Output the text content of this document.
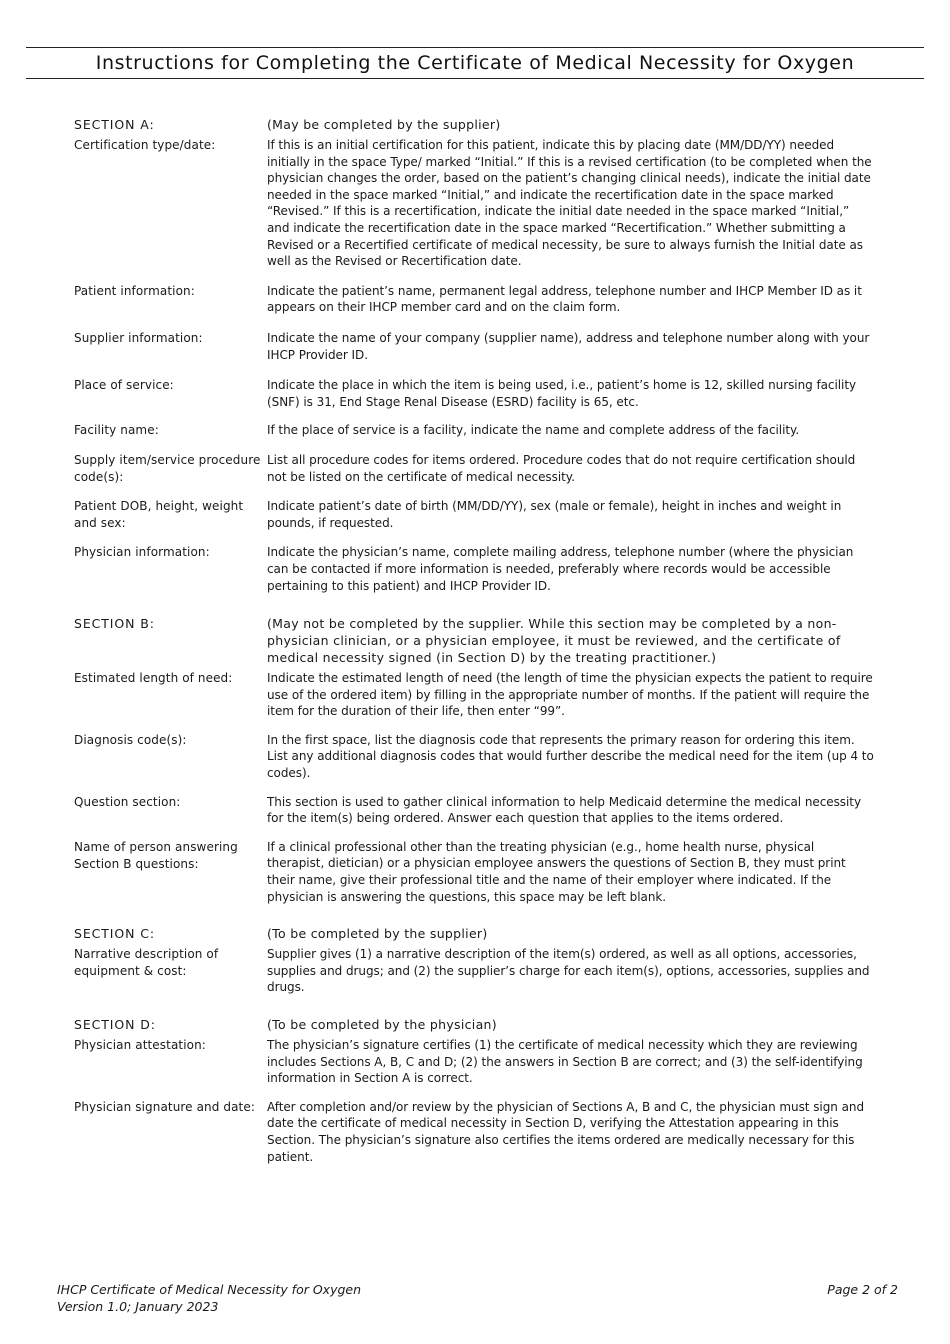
Instructions for Completing the Certificate of Medical Necessity for Oxygen
SECTION A:	(May be completed by the supplier)
Certification type/date:	If this is an initial certification for this patient, indicate this by placing date (MM/DD/YY) needed initially in the space Type/ marked “Initial.” If this is a revised certification (to be completed when the physician changes the order, based on the patient’s changing clinical needs), indicate the initial date needed in the space marked “Initial,” and indicate the recertification date in the space marked “Revised.” If this is a recertification, indicate the initial date needed in the space marked “Initial,” and indicate the recertification date in the space marked “Recertification.” Whether submitting a Revised or a Recertified certificate of medical necessity, be sure to always furnish the Initial date as well as the Revised or Recertification date.
Patient information:	Indicate the patient’s name, permanent legal address, telephone number and IHCP Member ID as it appears on their IHCP member card and on the claim form.
Supplier information:	Indicate the name of your company (supplier name), address and telephone number along with your IHCP Provider ID.
Place of service:	Indicate the place in which the item is being used, i.e., patient’s home is 12, skilled nursing facility (SNF) is 31, End Stage Renal Disease (ESRD) facility is 65, etc.
Facility name:	If the place of service is a facility, indicate the name and complete address of the facility.
Supply item/service procedure code(s):
List all procedure codes for items ordered. Procedure codes that do not require certification should not be listed on the certificate of medical necessity.
Patient DOB, height, weight and sex:
Indicate patient’s date of birth (MM/DD/YY), sex (male or female), height in inches and weight in pounds, if requested.
Physician information:	Indicate the physician’s name, complete mailing address, telephone number (where the physician can be contacted if more information is needed, preferably where records would be accessible pertaining to this patient) and IHCP Provider ID.
SECTION B:	(May not be completed by the supplier. While this section may be completed by a non-physician clinician, or a physician employee, it must be reviewed, and the certificate of medical necessity signed (in Section D) by the treating practitioner.)
Estimated length of need:	Indicate the estimated length of need (the length of time the physician expects the patient to require use of the ordered item) by filling in the appropriate number of months. If the patient will require the item for the duration of their life, then enter “99”.
Diagnosis code(s):	In the first space, list the diagnosis code that represents the primary reason for ordering this item. List any additional diagnosis codes that would further describe the medical need for the item (up 4 to codes).
Question section:	This section is used to gather clinical information to help Medicaid determine the medical necessity for the item(s) being ordered. Answer each question that applies to the items ordered.
Name of person answering Section B questions:
If a clinical professional other than the treating physician (e.g., home health nurse, physical therapist, dietician) or a physician employee answers the questions of Section B, they must print their name, give their professional title and the name of their employer where indicated. If the physician is answering the questions, this space may be left blank.
SECTION C:	(To be completed by the supplier)
Narrative description of equipment & cost:
Supplier gives (1) a narrative description of the item(s) ordered, as well as all options, accessories, supplies and drugs; and (2) the supplier’s charge for each item(s), options, accessories, supplies and drugs.
SECTION D:	(To be completed by the physician)
Physician attestation:	The physician’s signature certifies (1) the certificate of medical necessity which they are reviewing includes Sections A, B, C and D; (2) the answers in Section B are correct; and (3) the self-identifying information in Section A is correct.
Physician signature and date:	After completion and/or review by the physician of Sections A, B and C, the physician must sign and date the certificate of medical necessity in Section D, verifying the Attestation appearing in this Section. The physician’s signature also certifies the items ordered are medically necessary for this patient.
IHCP Certificate of Medical Necessity for Oxygen
Version 1.0; January 2023
Page 2 of 2
